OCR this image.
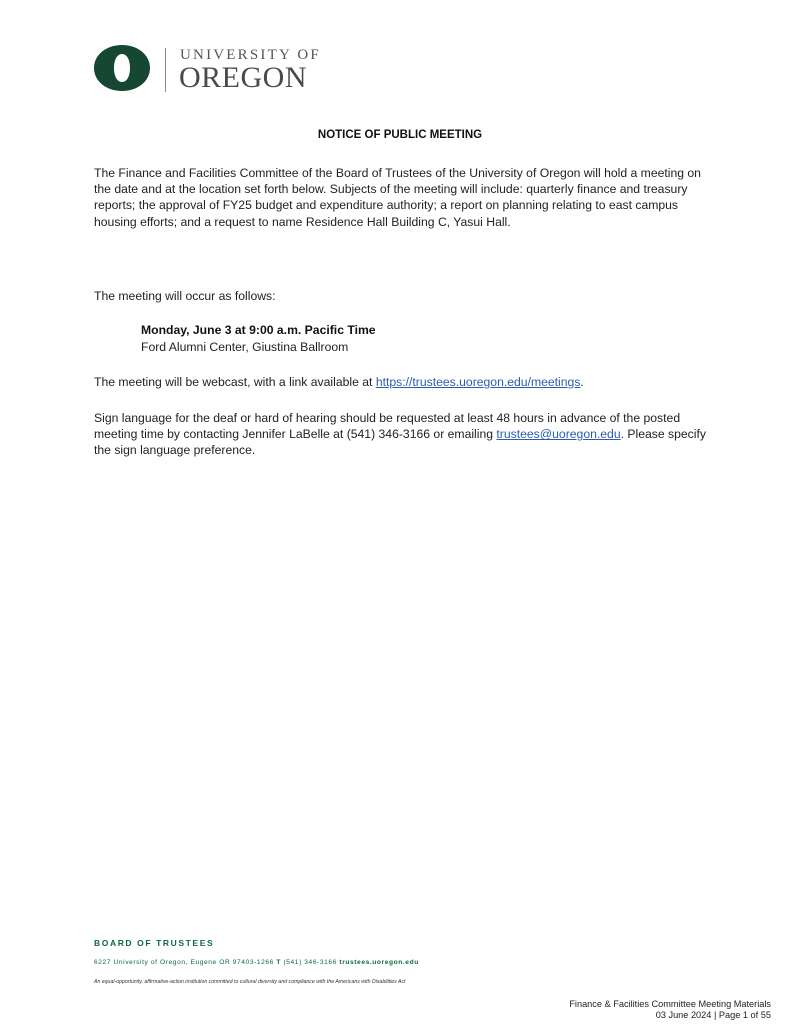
UNIVERSITY OF
OREGON
NOTICE OF PUBLIC MEETING
The Finance and Facilities Committee of the Board of Trustees of the University of Oregon will hold a meeting on the date and at the location set forth below. Subjects of the meeting will include: quarterly finance and treasury reports; the approval of FY25 budget and expenditure authority; a report on planning relating to east campus housing efforts; and a request to name Residence Hall Building C, Yasui Hall.
The meeting will occur as follows:
Monday, June 3 at 9:00 a.m. Pacific Time
Ford Alumni Center, Giustina Ballroom
The meeting will be webcast, with a link available at https://trustees.uoregon.edu/meetings.
Sign language for the deaf or hard of hearing should be requested at least 48 hours in advance of the posted meeting time by contacting Jennifer LaBelle at (541) 346-3166 or emailing trustees@uoregon.edu. Please specify the sign language preference.
BOARD OF TRUSTEES
6227 University of Oregon, Eugene OR 97403-1266 T (541) 346-3166 trustees.uoregon.edu
An equal-opportunity, affirmative-action institution committed to cultural diversity and compliance with the Americans with Disabilities Act
Finance & Facilities Committee Meeting Materials
03 June 2024 | Page 1 of 55
